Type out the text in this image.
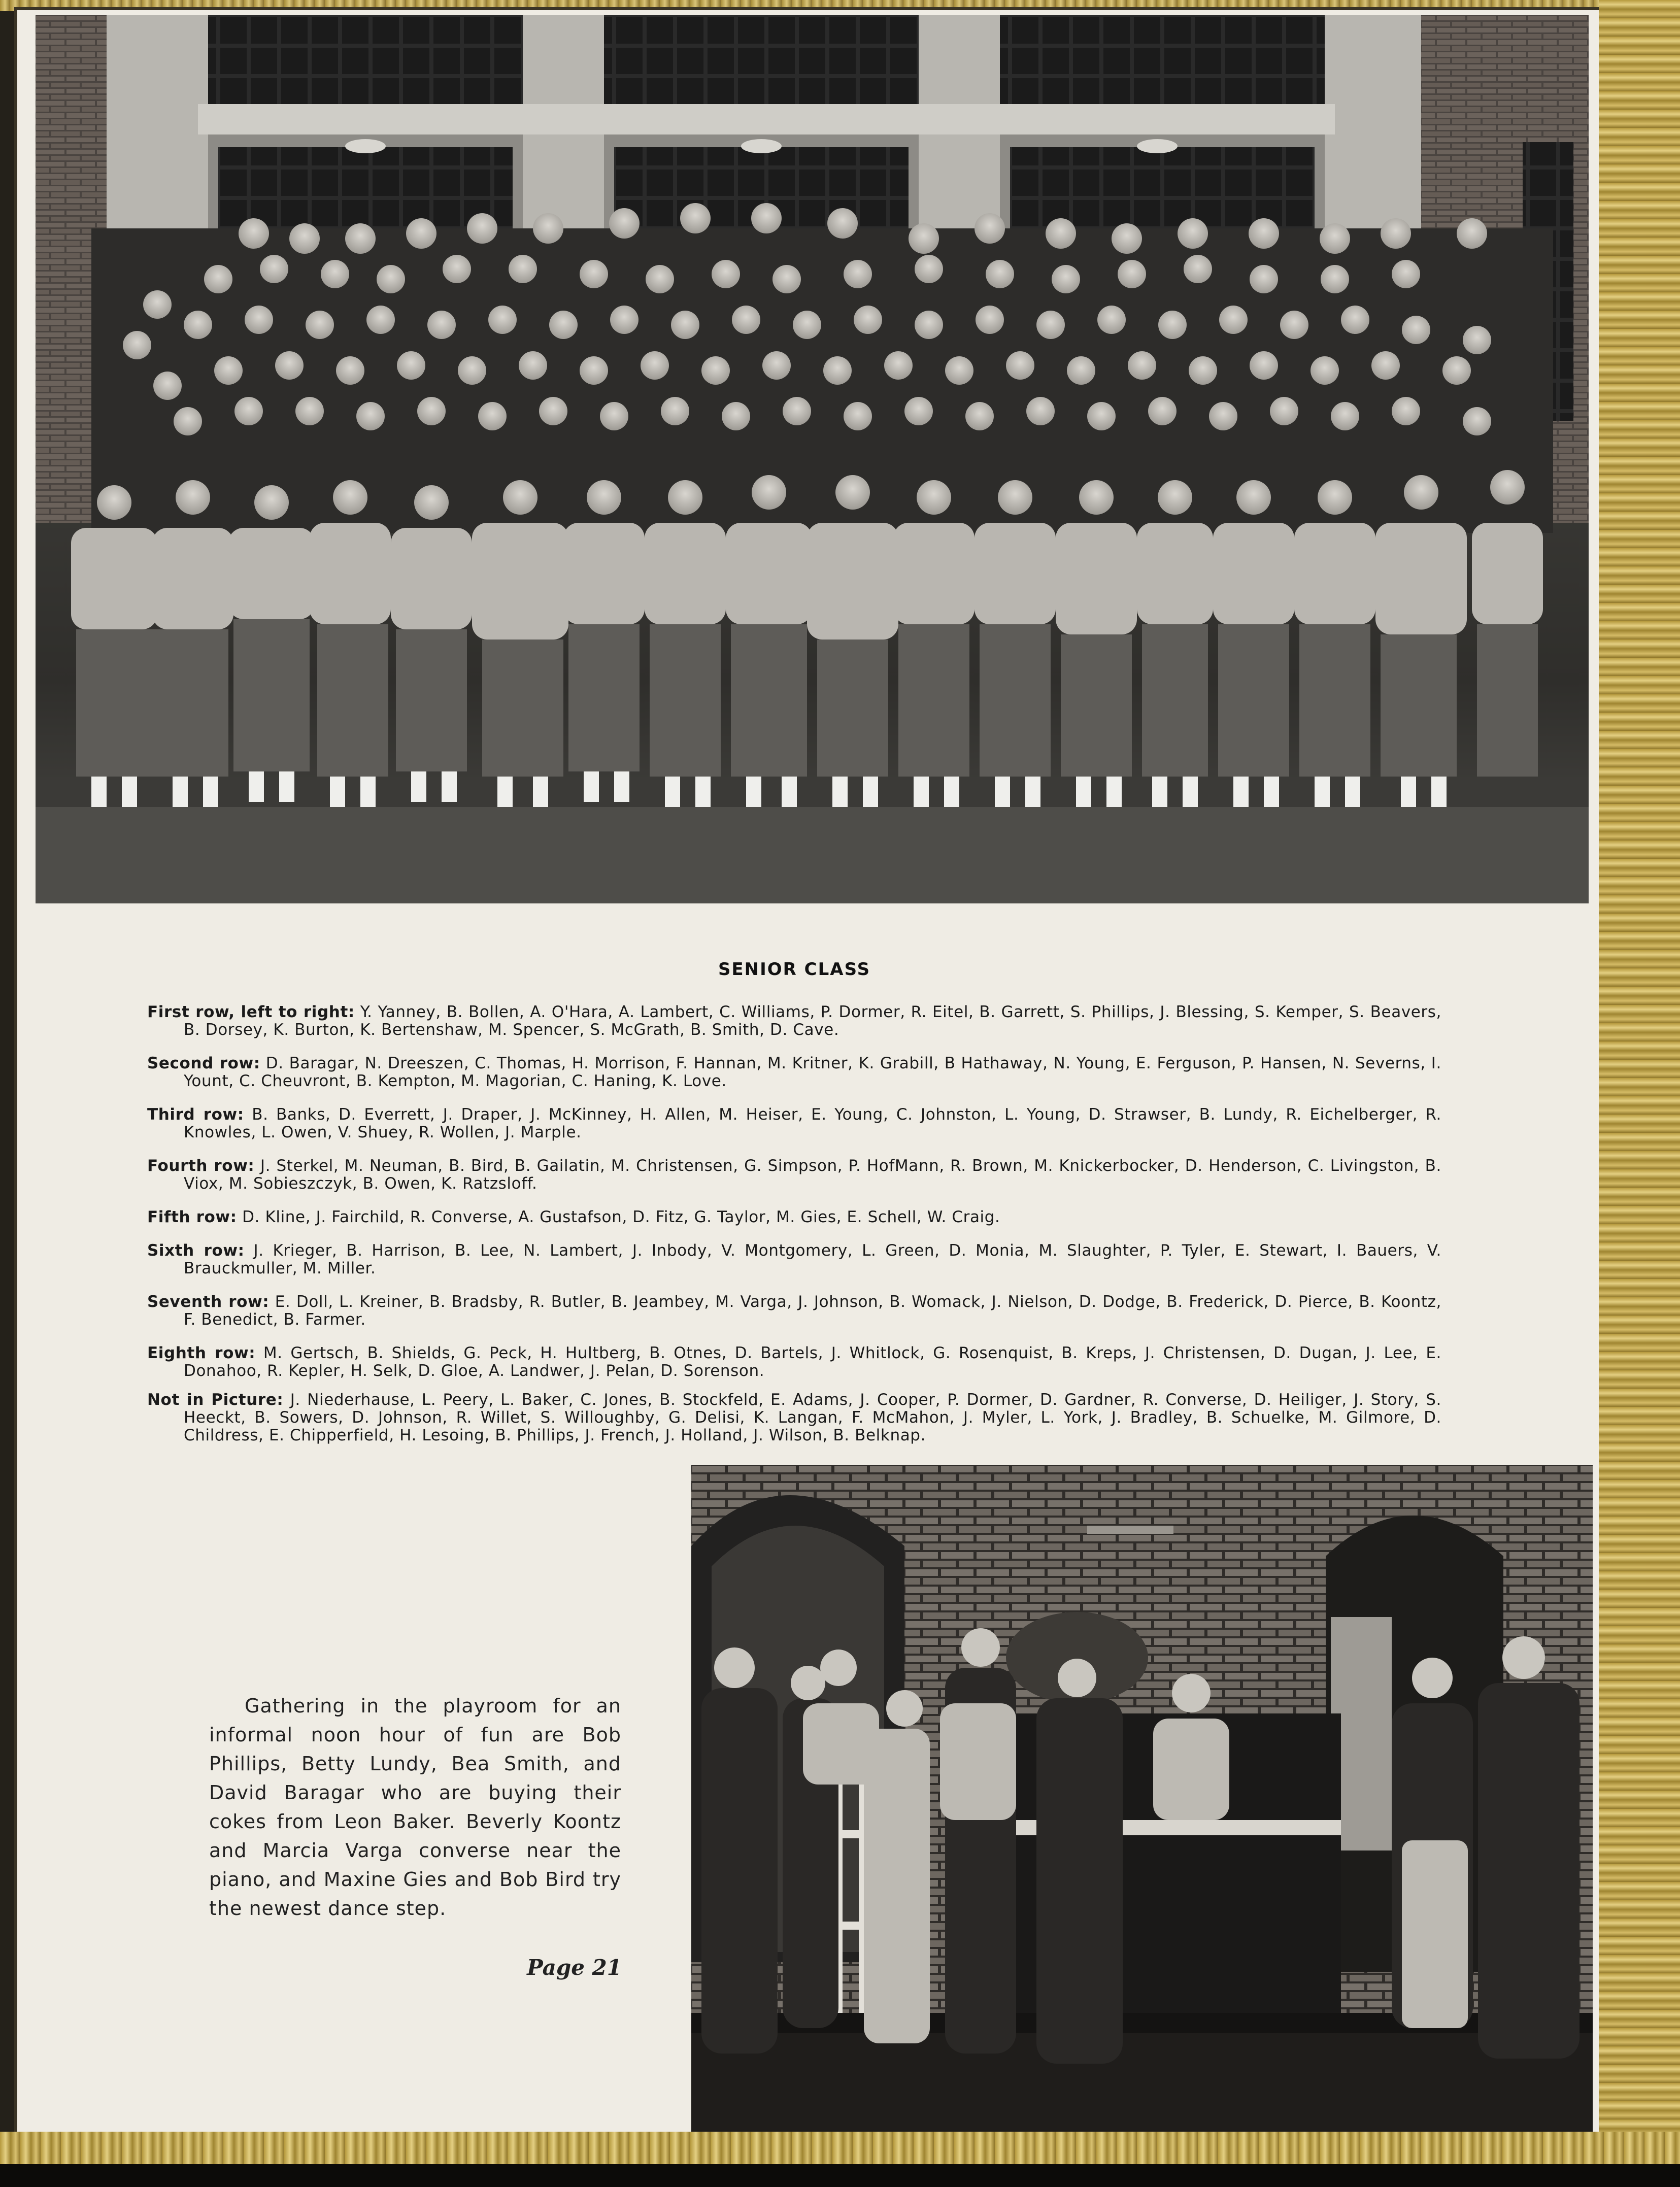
SENIOR CLASS

First row, left to right: Y. Yanney, B. Bollen, A. O'Hara, A. Lambert, C. Williams, P. Dormer, R. Eitel, B. Garrett, S. Phillips, J. Blessing, S. Kemper, S. Beavers, B. Dorsey, K. Burton, K. Bertenshaw, M. Spencer, S. McGrath, B. Smith, D. Cave.

Second row: D. Baragar, N. Dreeszen, C. Thomas, H. Morrison, F. Hannan, M. Kritner, K. Grabill, B Hathaway, N. Young, E. Ferguson, P. Hansen, N. Severns, I. Yount, C. Cheuvront, B. Kempton, M. Magorian, C. Haning, K. Love.

Third row: B. Banks, D. Everrett, J. Draper, J. McKinney, H. Allen, M. Heiser, E. Young, C. Johnston, L. Young, D. Strawser, B. Lundy, R. Eichelberger, R. Knowles, L. Owen, V. Shuey, R. Wollen, J. Marple.

Fourth row: J. Sterkel, M. Neuman, B. Bird, B. Gailatin, M. Christensen, G. Simpson, P. HofMann, R. Brown, M. Knickerbocker, D. Henderson, C. Livingston, B. Viox, M. Sobieszczyk, B. Owen, K. Ratzsloff.

Fifth row: D. Kline, J. Fairchild, R. Converse, A. Gustafson, D. Fitz, G. Taylor, M. Gies, E. Schell, W. Craig.

Sixth row: J. Krieger, B. Harrison, B. Lee, N. Lambert, J. Inbody, V. Montgomery, L. Green, D. Monia, M. Slaughter, P. Tyler, E. Stewart, I. Bauers, V. Brauckmuller, M. Miller.

Seventh row: E. Doll, L. Kreiner, B. Bradsby, R. Butler, B. Jeambey, M. Varga, J. Johnson, B. Womack, J. Nielson, D. Dodge, B. Frederick, D. Pierce, B. Koontz, F. Benedict, B. Farmer.

Eighth row: M. Gertsch, B. Shields, G. Peck, H. Hultberg, B. Otnes, D. Bartels, J. Whitlock, G. Rosenquist, B. Kreps, J. Christensen, D. Dugan, J. Lee, E. Donahoo, R. Kepler, H. Selk, D. Gloe, A. Landwer, J. Pelan, D. Sorenson.

Not in Picture: J. Niederhause, L. Peery, L. Baker, C. Jones, B. Stockfeld, E. Adams, J. Cooper, P. Dormer, D. Gardner, R. Converse, D. Heiliger, J. Story, S. Heeckt, B. Sowers, D. Johnson, R. Willet, S. Willoughby, G. Delisi, K. Langan, F. McMahon, J. Myler, L. York, J. Bradley, B. Schuelke, M. Gilmore, D. Childress, E. Chipperfield, H. Lesoing, B. Phillips, J. French, J. Holland, J. Wilson, B. Belknap.

Gathering in the playroom for an informal noon hour of fun are Bob Phillips, Betty Lundy, Bea Smith, and David Baragar who are buying their cokes from Leon Baker. Beverly Koontz and Marcia Varga converse near the piano, and Maxine Gies and Bob Bird try the newest dance step.

Page 21
